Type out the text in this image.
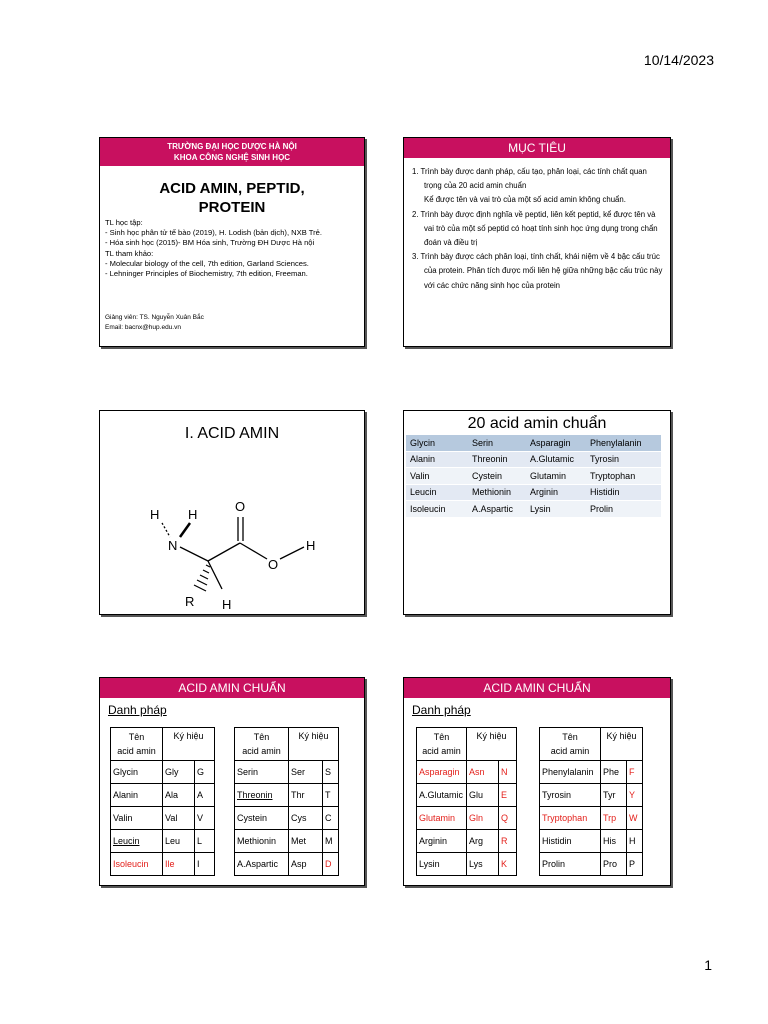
10/14/2023
TRƯỜNG ĐẠI HỌC DƯỢC HÀ NỘI
KHOA CÔNG NGHỆ SINH HỌC
ACID AMIN, PEPTID,
PROTEIN
TL học tập:
- Sinh học phân tử tế bào (2019), H. Lodish (bản dịch), NXB Trẻ.
- Hóa sinh học (2015)- BM Hóa sinh, Trường ĐH Dược Hà nội
TL tham khảo:
- Molecular biology of the cell, 7th edition, Garland Sciences.
- Lehninger Principles of Biochemistry, 7th edition, Freeman.
Giảng viên: TS. Nguyễn Xuân Bắc
Email: bacnx@hup.edu.vn
MỤC TIÊU
1. Trình bày được danh pháp, cấu tạo, phân loại, các tính chất quan trọng của 20 acid amin chuẩn
Kể được tên và vai trò của một số acid amin không chuẩn.
2. Trình bày được định nghĩa về peptid, liên kết peptid, kể được tên và vai trò của một số peptid có hoạt tính sinh học ứng dụng trong chẩn đoán và điều trị
3. Trình bày được cách phân loại, tính chất, khái niệm về 4 bậc cấu trúc của protein. Phân tích được mối liên hệ giữa những bậc cấu trúc này với các chức năng sinh học của protein
I. ACID AMIN
H H
N
O
O
H
R H
20 acid amin chuẩn
Glycin	Serin	Asparagin	Phenylalanin
Alanin	Threonin	A.Glutamic	Tyrosin
Valin	Cystein	Glutamin	Tryptophan
Leucin	Methionin	Arginin	Histidin
Isoleucin	A.Aspartic	Lysin	Prolin
ACID AMIN CHUẨN
Danh pháp
Tên
acid amin	Ký hiệu	
Glycin	Gly	G
Alanin	Ala	A
Valin	Val	V
Leucin	Leu	L
Isoleucin	Ile	I
Tên
acid amin	Ký hiệu	
Serin	Ser	S
Threonin	Thr	T
Cystein	Cys	C
Methionin	Met	M
A.Aspartic	Asp	D
ACID AMIN CHUẨN
Danh pháp
Tên
acid amin	Ký hiệu	
Asparagin	Asn	N
A.Glutamic	Glu	E
Glutamin	Gln	Q
Arginin	Arg	R
Lysin	Lys	K
Tên
acid amin	Ký hiệu	
Phenylalanin	Phe	F
Tyrosin	Tyr	Y
Tryptophan	Trp	W
Histidin	His	H
Prolin	Pro	P
1
